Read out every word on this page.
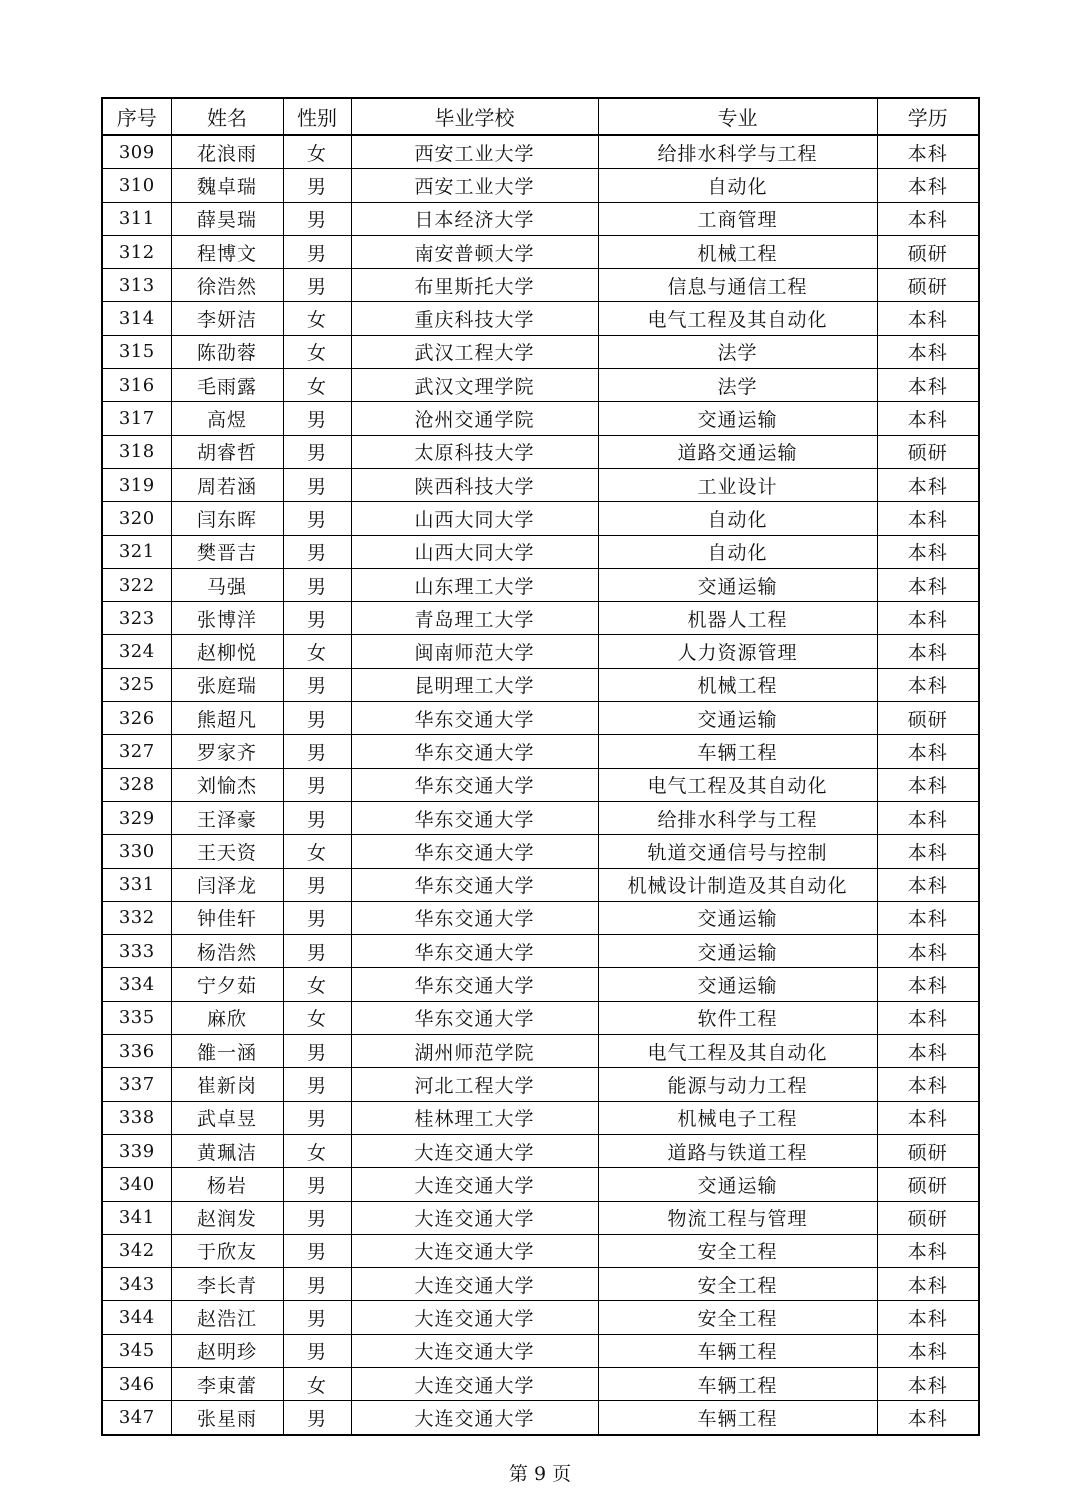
序号	姓名	性别	毕业学校	专业	学历
309	花浪雨	女	西安工业大学	给排水科学与工程	本科
310	魏卓瑞	男	西安工业大学	自动化	本科
311	薛昊瑞	男	日本经济大学	工商管理	本科
312	程博文	男	南安普顿大学	机械工程	硕研
313	徐浩然	男	布里斯托大学	信息与通信工程	硕研
314	李妍洁	女	重庆科技大学	电气工程及其自动化	本科
315	陈劭蓉	女	武汉工程大学	法学	本科
316	毛雨露	女	武汉文理学院	法学	本科
317	高煜	男	沧州交通学院	交通运输	本科
318	胡睿哲	男	太原科技大学	道路交通运输	硕研
319	周若涵	男	陕西科技大学	工业设计	本科
320	闫东晖	男	山西大同大学	自动化	本科
321	樊晋吉	男	山西大同大学	自动化	本科
322	马强	男	山东理工大学	交通运输	本科
323	张博洋	男	青岛理工大学	机器人工程	本科
324	赵柳悦	女	闽南师范大学	人力资源管理	本科
325	张庭瑞	男	昆明理工大学	机械工程	本科
326	熊超凡	男	华东交通大学	交通运输	硕研
327	罗家齐	男	华东交通大学	车辆工程	本科
328	刘愉杰	男	华东交通大学	电气工程及其自动化	本科
329	王泽豪	男	华东交通大学	给排水科学与工程	本科
330	王天资	女	华东交通大学	轨道交通信号与控制	本科
331	闫泽龙	男	华东交通大学	机械设计制造及其自动化	本科
332	钟佳轩	男	华东交通大学	交通运输	本科
333	杨浩然	男	华东交通大学	交通运输	本科
334	宁夕茹	女	华东交通大学	交通运输	本科
335	麻欣	女	华东交通大学	软件工程	本科
336	雒一涵	男	湖州师范学院	电气工程及其自动化	本科
337	崔新岗	男	河北工程大学	能源与动力工程	本科
338	武卓昱	男	桂林理工大学	机械电子工程	本科
339	黄珮洁	女	大连交通大学	道路与铁道工程	硕研
340	杨岩	男	大连交通大学	交通运输	硕研
341	赵润发	男	大连交通大学	物流工程与管理	硕研
342	于欣友	男	大连交通大学	安全工程	本科
343	李长青	男	大连交通大学	安全工程	本科
344	赵浩江	男	大连交通大学	安全工程	本科
345	赵明珍	男	大连交通大学	车辆工程	本科
346	李東蕾	女	大连交通大学	车辆工程	本科
347	张星雨	男	大连交通大学	车辆工程	本科
第 9 页
